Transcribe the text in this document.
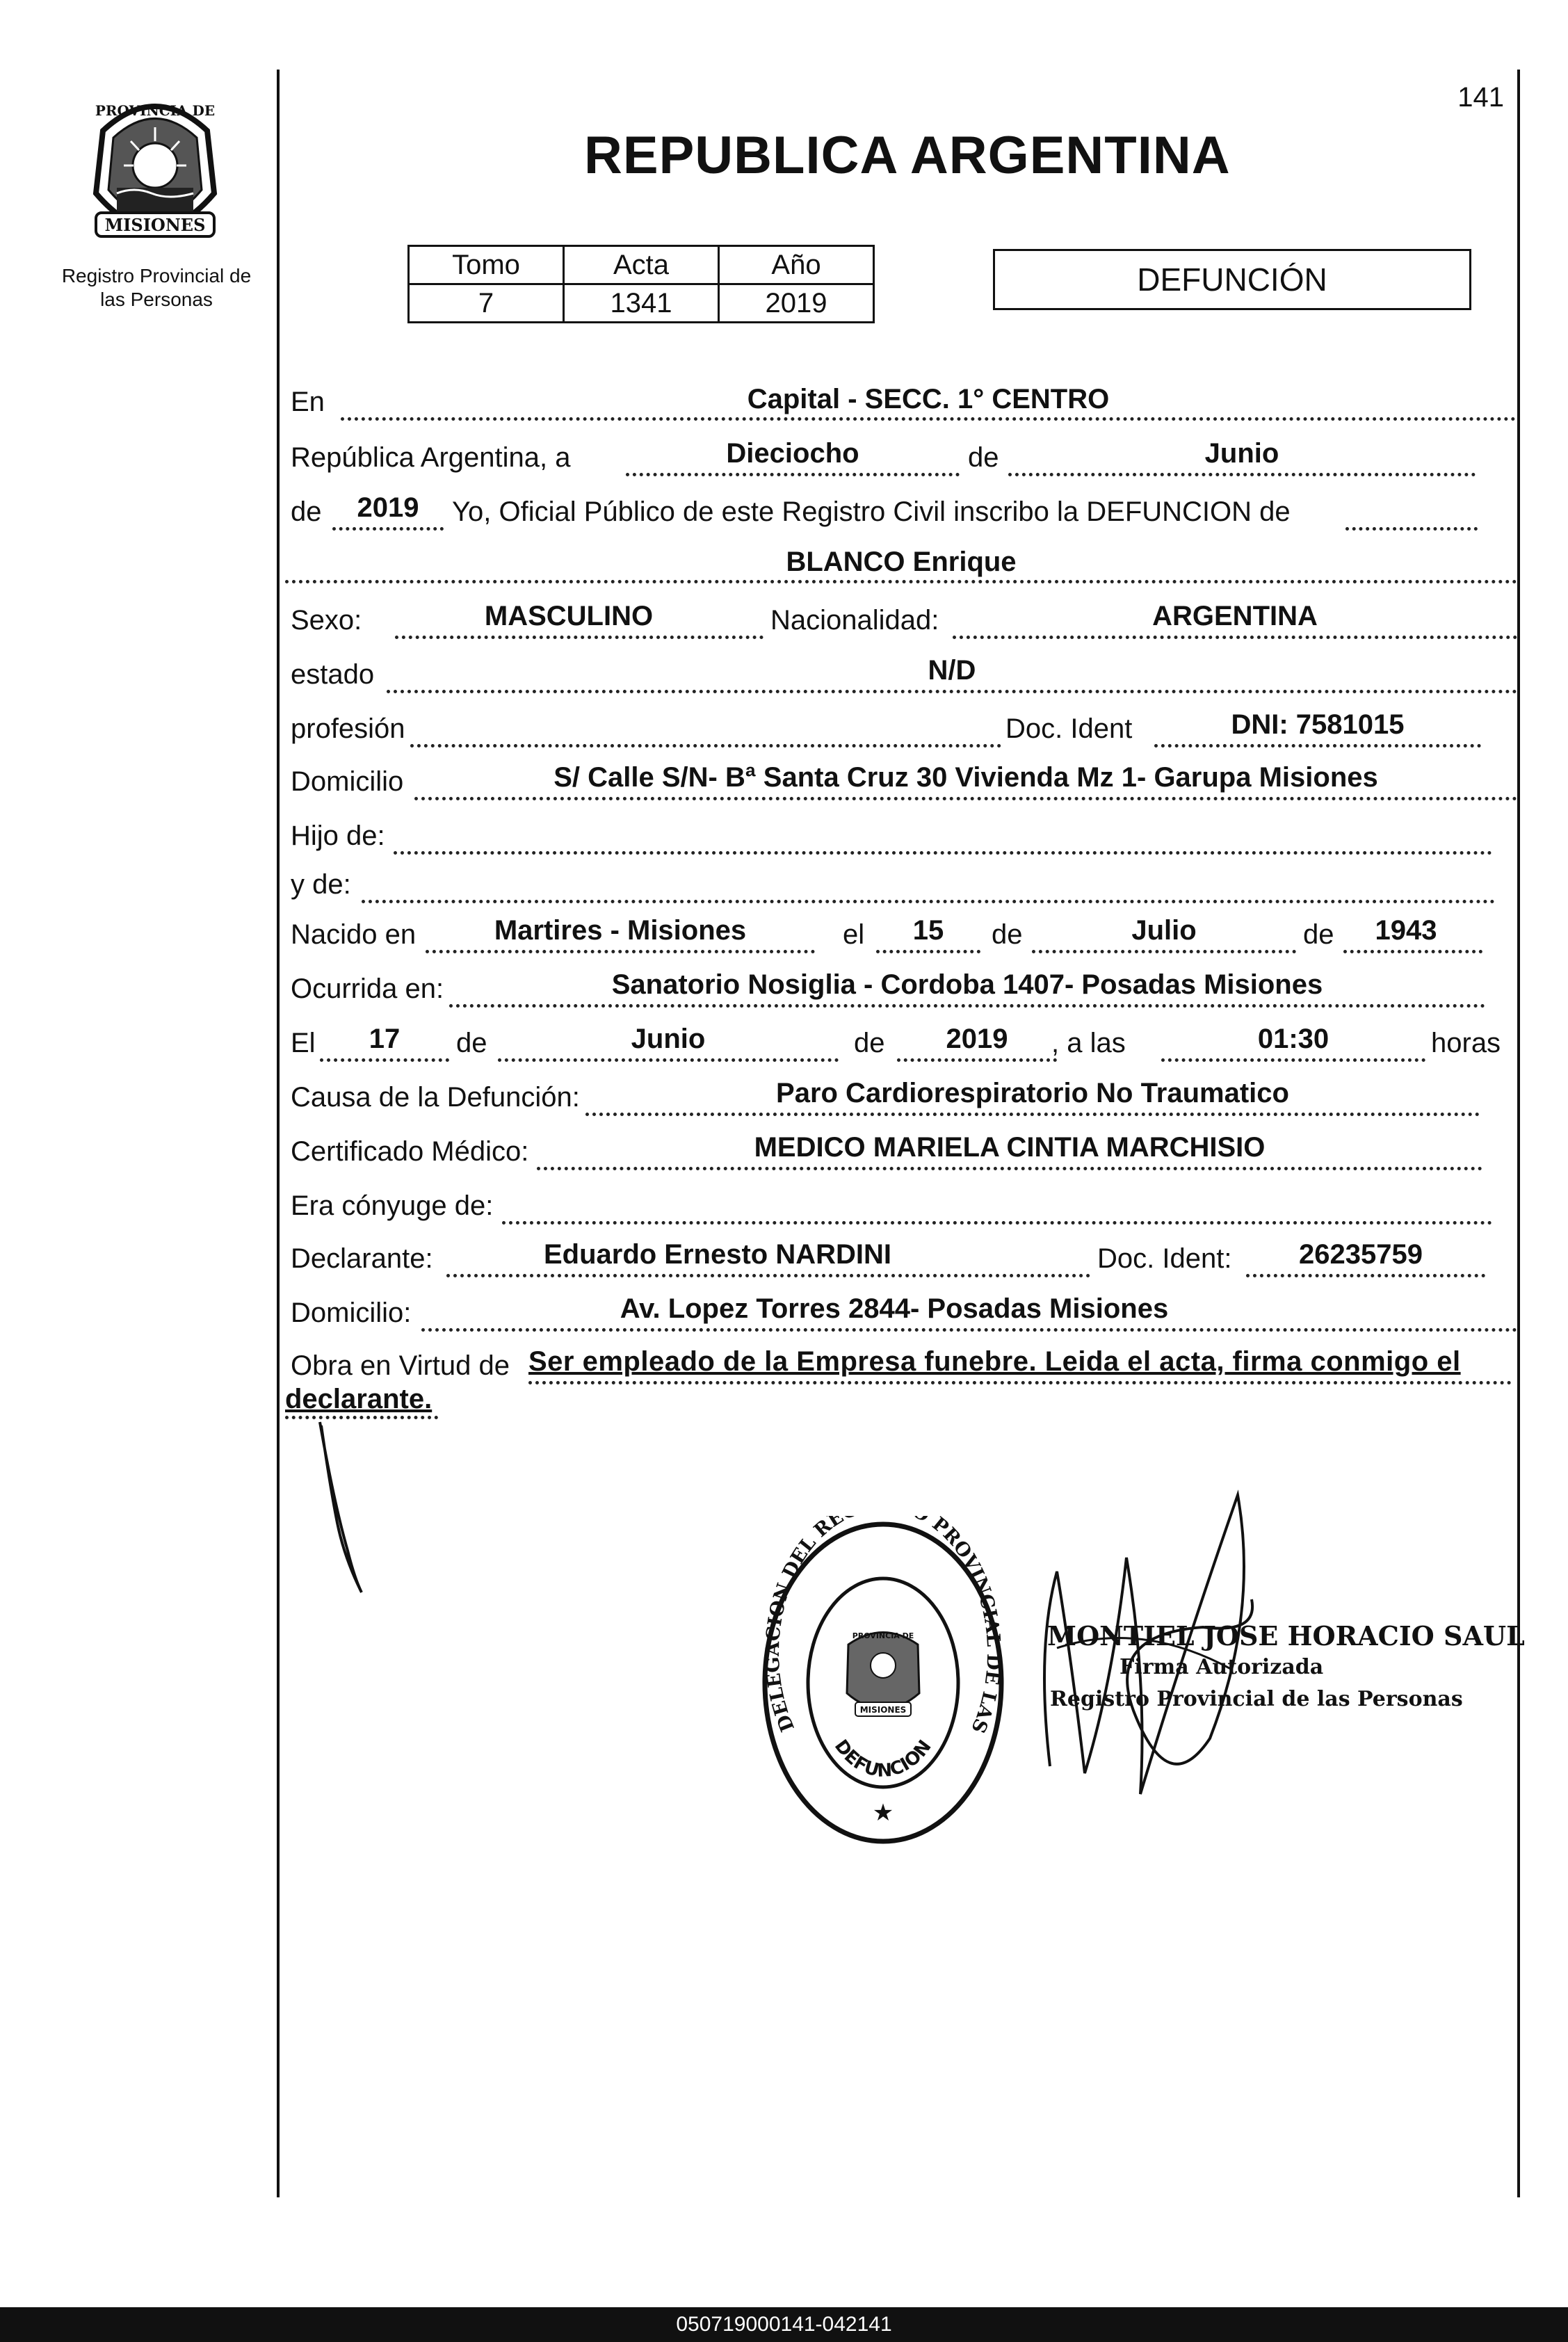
141
MISIONES
PROVINCIA DE
Registro Provincial de
las Personas
REPUBLICA ARGENTINA
Tomo	Acta	Año
7	1341	2019
DEFUNCIÓN
En	Capital - SECC. 1° CENTRO
República Argentina, a	Dieciocho	de	Junio
de	2019	Yo, Oficial Público de este Registro Civil inscribo la DEFUNCION de
BLANCO Enrique
Sexo:	MASCULINO	Nacionalidad:	ARGENTINA
estado	N/D
profesión	Doc. Ident	DNI: 7581015
Domicilio	S/ Calle S/N- Bª Santa Cruz 30 Vivienda Mz 1- Garupa Misiones
Hijo de:
y de:
Nacido en	Martires - Misiones	el	15	de	Julio	de	1943
Ocurrida en:	Sanatorio Nosiglia - Cordoba 1407- Posadas Misiones
El	17	de	Junio	de	2019	, a las	01:30	horas
Causa de la Defunción:	Paro Cardiorespiratorio No Traumatico
Certificado Médico:	MEDICO MARIELA CINTIA MARCHISIO
Era cónyuge de:
Declarante:	Eduardo Ernesto NARDINI	Doc. Ident:	26235759
Domicilio:	Av. Lopez Torres 2844- Posadas Misiones
Obra en Virtud de Ser empleado de la Empresa funebre. Leida el acta, firma conmigo el
declarante.
DELEGACION DEL RE PROVINCIAL DE LAS
DEFUNCION
MISIONES
PROVINCIA DE
★
MONTIEL JOSE HORACIO SAUL
Firma Autorizada
Registro Provincial de las Personas
050719000141-042141
